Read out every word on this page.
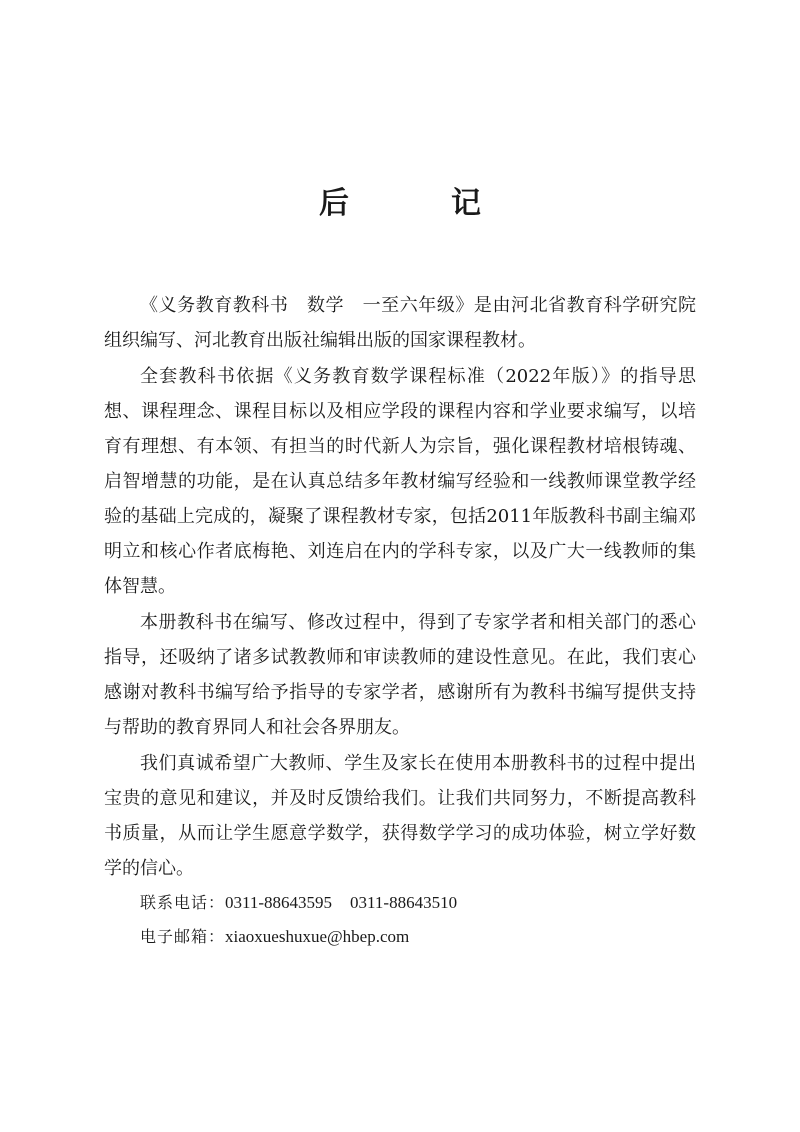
后　记

《义务教育教科书　数学　一至六年级》是由河北省教育科学研究院组织编写、河北教育出版社编辑出版的国家课程教材。

全套教科书依据《义务教育数学课程标准（2022年版）》的指导思想、课程理念、课程目标以及相应学段的课程内容和学业要求编写，以培育有理想、有本领、有担当的时代新人为宗旨，强化课程教材培根铸魂、启智增慧的功能，是在认真总结多年教材编写经验和一线教师课堂教学经验的基础上完成的，凝聚了课程教材专家，包括2011年版教科书副主编邓明立和核心作者底梅艳、刘连启在内的学科专家，以及广大一线教师的集体智慧。

本册教科书在编写、修改过程中，得到了专家学者和相关部门的悉心指导，还吸纳了诸多试教教师和审读教师的建设性意见。在此，我们衷心感谢对教科书编写给予指导的专家学者，感谢所有为教科书编写提供支持与帮助的教育界同人和社会各界朋友。

我们真诚希望广大教师、学生及家长在使用本册教科书的过程中提出宝贵的意见和建议，并及时反馈给我们。让我们共同努力，不断提高教科书质量，从而让学生愿意学数学，获得数学学习的成功体验，树立学好数学的信心。

联系电话：0311-88643595 0311-88643510
电子邮箱：xiaoxueshuxue@hbep.com
